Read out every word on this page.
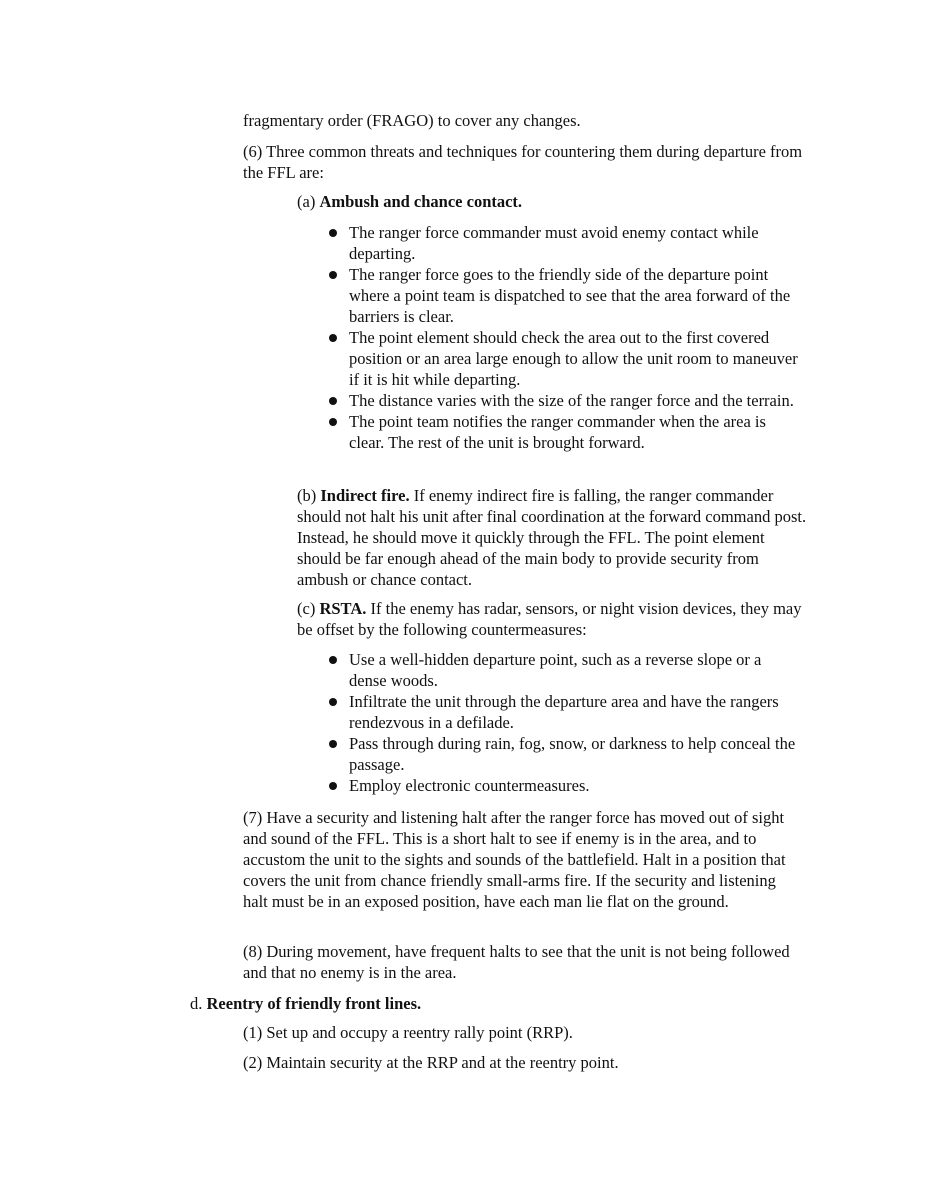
fragmentary order (FRAGO) to cover any changes.

(6) Three common threats and techniques for countering them during departure from the FFL are:

(a) Ambush and chance contact.

The ranger force commander must avoid enemy contact while departing.
The ranger force goes to the friendly side of the departure point where a point team is dispatched to see that the area forward of the barriers is clear.
The point element should check the area out to the first covered position or an area large enough to allow the unit room to maneuver if it is hit while departing.
The distance varies with the size of the ranger force and the terrain.
The point team notifies the ranger commander when the area is clear. The rest of the unit is brought forward.

(b) Indirect fire. If enemy indirect fire is falling, the ranger commander should not halt his unit after final coordination at the forward command post. Instead, he should move it quickly through the FFL. The point element should be far enough ahead of the main body to provide security from ambush or chance contact.

(c) RSTA. If the enemy has radar, sensors, or night vision devices, they may be offset by the following countermeasures:

Use a well-hidden departure point, such as a reverse slope or a dense woods.
Infiltrate the unit through the departure area and have the rangers rendezvous in a defilade.
Pass through during rain, fog, snow, or darkness to help conceal the passage.
Employ electronic countermeasures.

(7) Have a security and listening halt after the ranger force has moved out of sight and sound of the FFL. This is a short halt to see if enemy is in the area, and to accustom the unit to the sights and sounds of the battlefield. Halt in a position that covers the unit from chance friendly small-arms fire. If the security and listening halt must be in an exposed position, have each man lie flat on the ground.

(8) During movement, have frequent halts to see that the unit is not being followed and that no enemy is in the area.

d. Reentry of friendly front lines.

(1) Set up and occupy a reentry rally point (RRP).

(2) Maintain security at the RRP and at the reentry point.
